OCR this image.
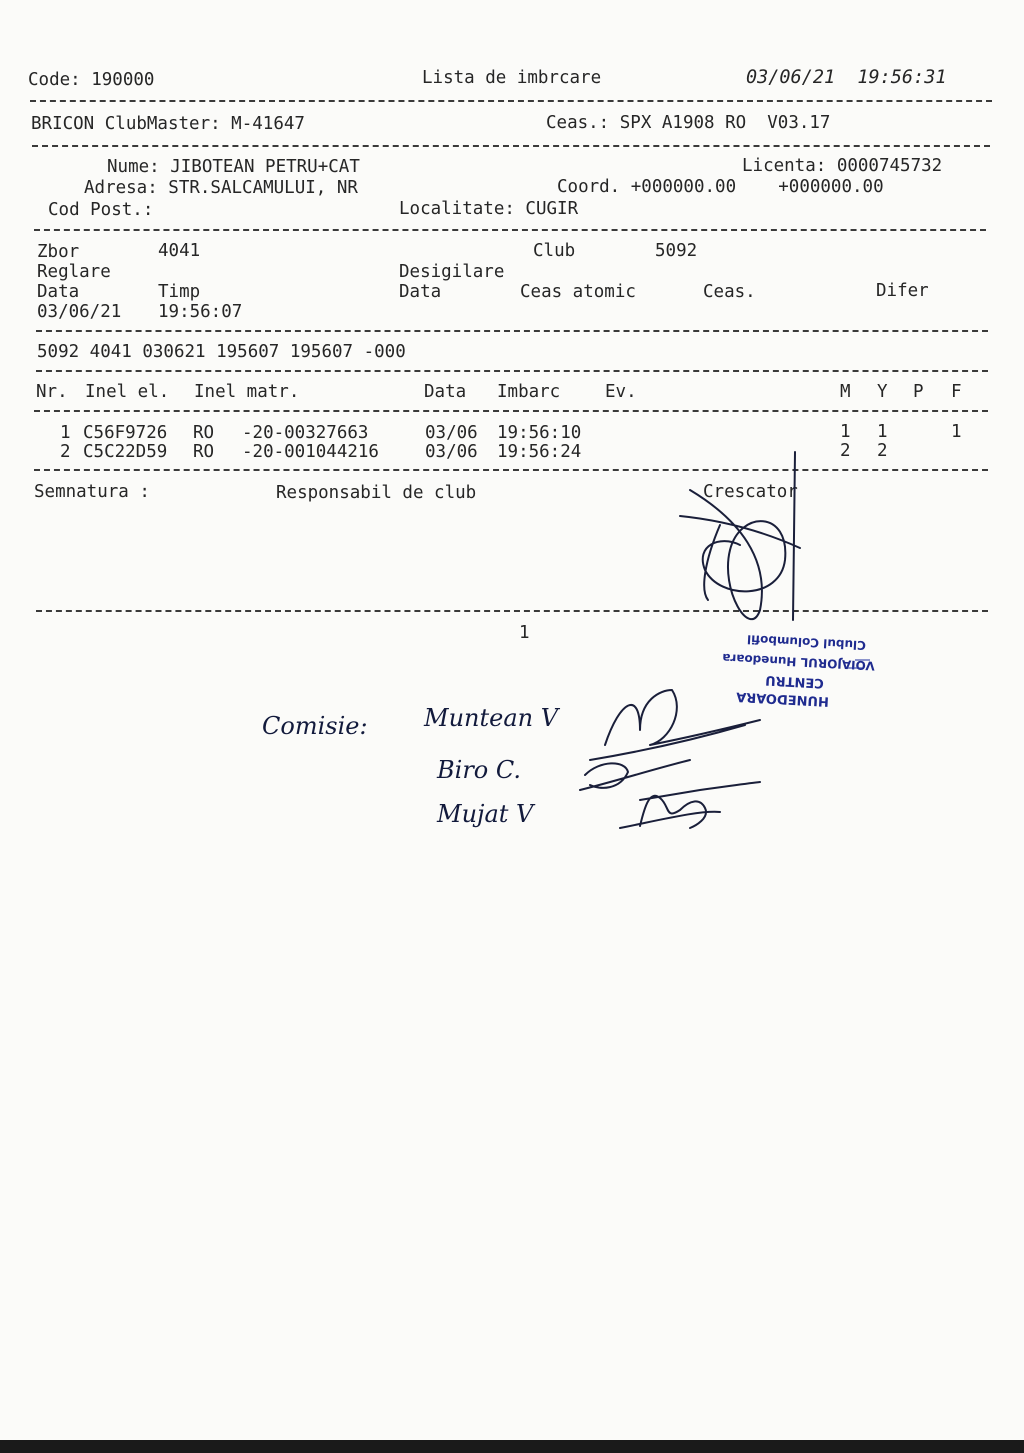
Code: 190000	Lista de imbrcare	03/06/21  19:56:31
BRICON ClubMaster: M-41647	Ceas.: SPX A1908 RO  V03.17
Nume: JIBOTEAN PETRU+CAT	Licenta: 0000745732
Adresa: STR.SALCAMULUI, NR	Coord. +000000.00    +000000.00
Cod Post.:	Localitate: CUGIR
Zbor	4041	Club	5092
Reglare	Desigilare
Data	Timp	Data	Ceas atomic	Ceas.	Difer
03/06/21 19:56:07
5092 4041 030621 195607 195607 -000
Nr. Inel el. Inel matr.	Data Imbarc	Ev.	M Y P F
1 C56F9726 RO -20-00327663	03/06 19:56:10	1 1	1
2 C5C22D59 RO -20-001044216	03/06 19:56:24	2 2
Semnatura :	Responsabil de club	Crescator
1
HUNEDOARA
CENTRU
VOIAJORUL Hunedoara
Clubul Columbofil
Comisie: Muntean V
Biro C.
Mujat V
